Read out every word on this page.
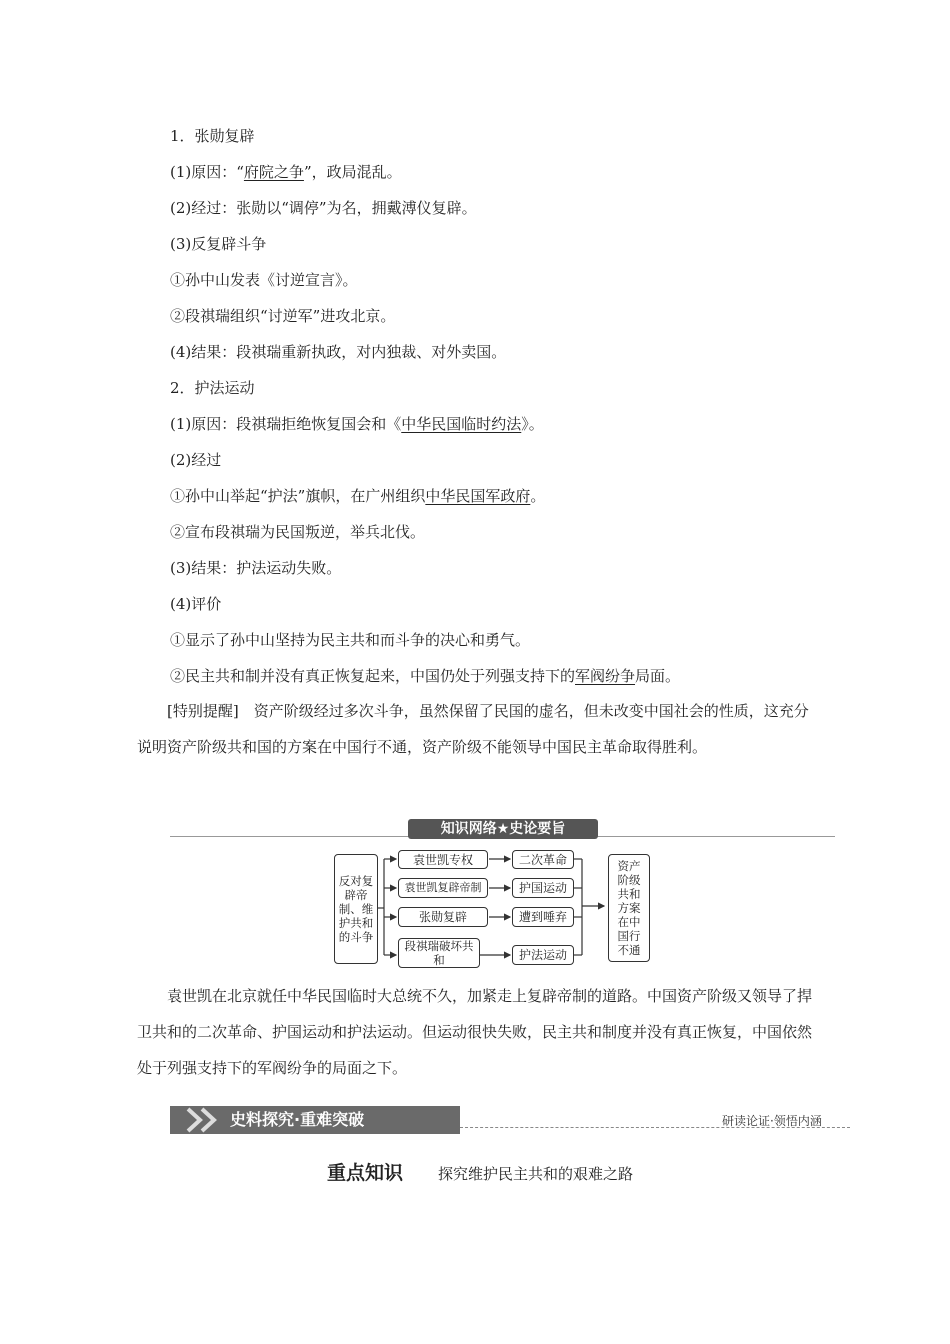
1．张勋复辟
(1)原因：“府院之争”，政局混乱。
(2)经过：张勋以“调停”为名，拥戴溥仪复辟。
(3)反复辟斗争
①孙中山发表《讨逆宣言》。
②段祺瑞组织“讨逆军”进攻北京。
(4)结果：段祺瑞重新执政，对内独裁、对外卖国。
2．护法运动
(1)原因：段祺瑞拒绝恢复国会和《中华民国临时约法》。
(2)经过
①孙中山举起“护法”旗帜，在广州组织中华民国军政府。
②宣布段祺瑞为民国叛逆，举兵北伐。
(3)结果：护法运动失败。
(4)评价
①显示了孙中山坚持为民主共和而斗争的决心和勇气。
②民主共和制并没有真正恢复起来，中国仍处于列强支持下的军阀纷争局面。
[特别提醒]　资产阶级经过多次斗争，虽然保留了民国的虚名，但未改变中国社会的性质，这充分说明资产阶级共和国的方案在中国行不通，资产阶级不能领导中国民主革命取得胜利。
知识网络★史论要旨
反对复辟帝制、维护共和的斗争
袁世凯专权
袁世凯复辟帝制
张勋复辟
段祺瑞破坏共和
二次革命
护国运动
遭到唾弃
护法运动
资产阶级共和方案在中国行不通
袁世凯在北京就任中华民国临时大总统不久，加紧走上复辟帝制的道路。中国资产阶级又领导了捍卫共和的二次革命、护国运动和护法运动。但运动很快失败，民主共和制度并没有真正恢复，中国依然处于列强支持下的军阀纷争的局面之下。
史料探究·重难突破	研读论证·领悟内涵
重点知识 探究维护民主共和的艰难之路
